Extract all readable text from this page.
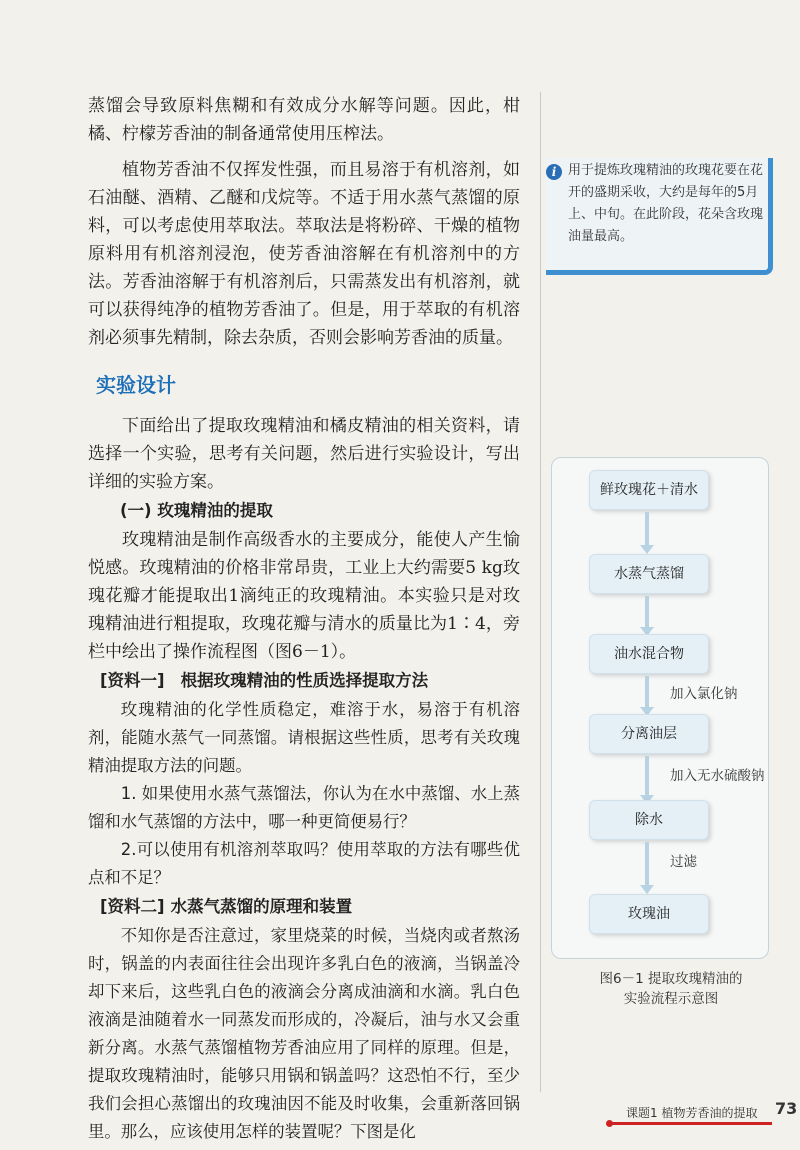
蒸馏会导致原料焦糊和有效成分水解等问题。因此，柑橘、柠檬芳香油的制备通常使用压榨法。

植物芳香油不仅挥发性强，而且易溶于有机溶剂，如石油醚、酒精、乙醚和戊烷等。不适于用水蒸气蒸馏的原料，可以考虑使用萃取法。萃取法是将粉碎、干燥的植物原料用有机溶剂浸泡，使芳香油溶解在有机溶剂中的方法。芳香油溶解于有机溶剂后，只需蒸发出有机溶剂，就可以获得纯净的植物芳香油了。但是，用于萃取的有机溶剂必须事先精制，除去杂质，否则会影响芳香油的质量。

实验设计

下面给出了提取玫瑰精油和橘皮精油的相关资料，请选择一个实验，思考有关问题，然后进行实验设计，写出详细的实验方案。

(一) 玫瑰精油的提取

玫瑰精油是制作高级香水的主要成分，能使人产生愉悦感。玫瑰精油的价格非常昂贵，工业上大约需要5 kg玫瑰花瓣才能提取出1滴纯正的玫瑰精油。本实验只是对玫瑰精油进行粗提取，玫瑰花瓣与清水的质量比为1∶4，旁栏中绘出了操作流程图（图6－1）。

[资料一] 根据玫瑰精油的性质选择提取方法

玫瑰精油的化学性质稳定，难溶于水，易溶于有机溶剂，能随水蒸气一同蒸馏。请根据这些性质，思考有关玫瑰精油提取方法的问题。

1. 如果使用水蒸气蒸馏法，你认为在水中蒸馏、水上蒸馏和水气蒸馏的方法中，哪一种更简便易行？

2.可以使用有机溶剂萃取吗？使用萃取的方法有哪些优点和不足？

[资料二] 水蒸气蒸馏的原理和装置

不知你是否注意过，家里烧菜的时候，当烧肉或者熬汤时，锅盖的内表面往往会出现许多乳白色的液滴，当锅盖冷却下来后，这些乳白色的液滴会分离成油滴和水滴。乳白色液滴是油随着水一同蒸发而形成的，冷凝后，油与水又会重新分离。水蒸气蒸馏植物芳香油应用了同样的原理。但是，提取玫瑰精油时，能够只用锅和锅盖吗？这恐怕不行，至少我们会担心蒸馏出的玫瑰油因不能及时收集，会重新落回锅里。那么，应该使用怎样的装置呢？下图是化

i 用于提炼玫瑰精油的玫瑰花要在花开的盛期采收，大约是每年的5月上、中旬。在此阶段，花朵含玫瑰油量最高。
鲜玫瑰花＋清水
水蒸气蒸馏
油水混合物
加入氯化钠
分离油层
加入无水硫酸钠
除水
过滤
玫瑰油
图6－1 提取玫瑰精油的
实验流程示意图
课题1 植物芳香油的提取 73
